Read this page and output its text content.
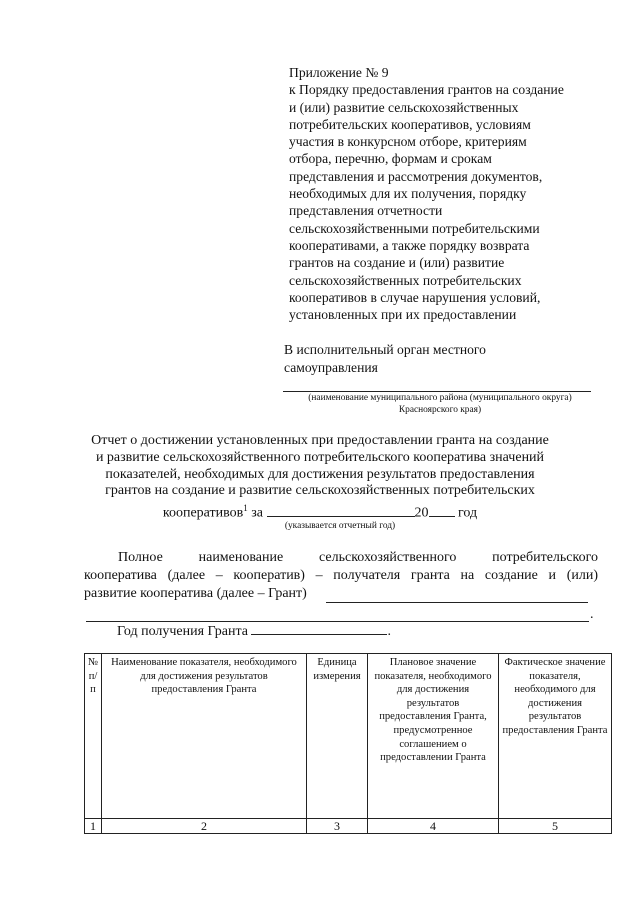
Приложение № 9
к Порядку предоставления грантов на создание
и (или) развитие сельскохозяйственных
потребительских кооперативов, условиям
участия в конкурсном отборе, критериям
отбора, перечню, формам и срокам
представления и рассмотрения документов,
необходимых для их получения, порядку
представления отчетности
сельскохозяйственными потребительскими
кооперативами, а также порядку возврата
грантов на создание и (или) развитие
сельскохозяйственных потребительских
кооперативов в случае нарушения условий,
установленных при их предоставлении
В исполнительный орган местного
самоуправления
(наименование муниципального района (муниципального округа)
Красноярского края)
Отчет о достижении установленных при предоставлении гранта на создание
и развитие сельскохозяйственного потребительского кооператива значений
показателей, необходимых для достижения результатов предоставления
грантов на создание и развитие сельскохозяйственных потребительских
кооперативов$^1$ за	20 год
(указывается отчетный год)
Полное	наименование	сельскохозяйственного	потребительского
кооператива (далее – кооператив) – получателя гранта на создание и (или)
развитие кооператива (далее – Грант)
.
Год получения Гранта	.
№ п/п	Наименование показателя, необходимого для достижения результатов предоставления Гранта	Единица измерения	Плановое значение показателя, необходимого для достижения результатов предоставления Гранта, предусмотренное соглашением о предоставлении Гранта	Фактическое значение показателя, необходимого для достижения результатов предоставления Гранта
1	2	3	4	5
